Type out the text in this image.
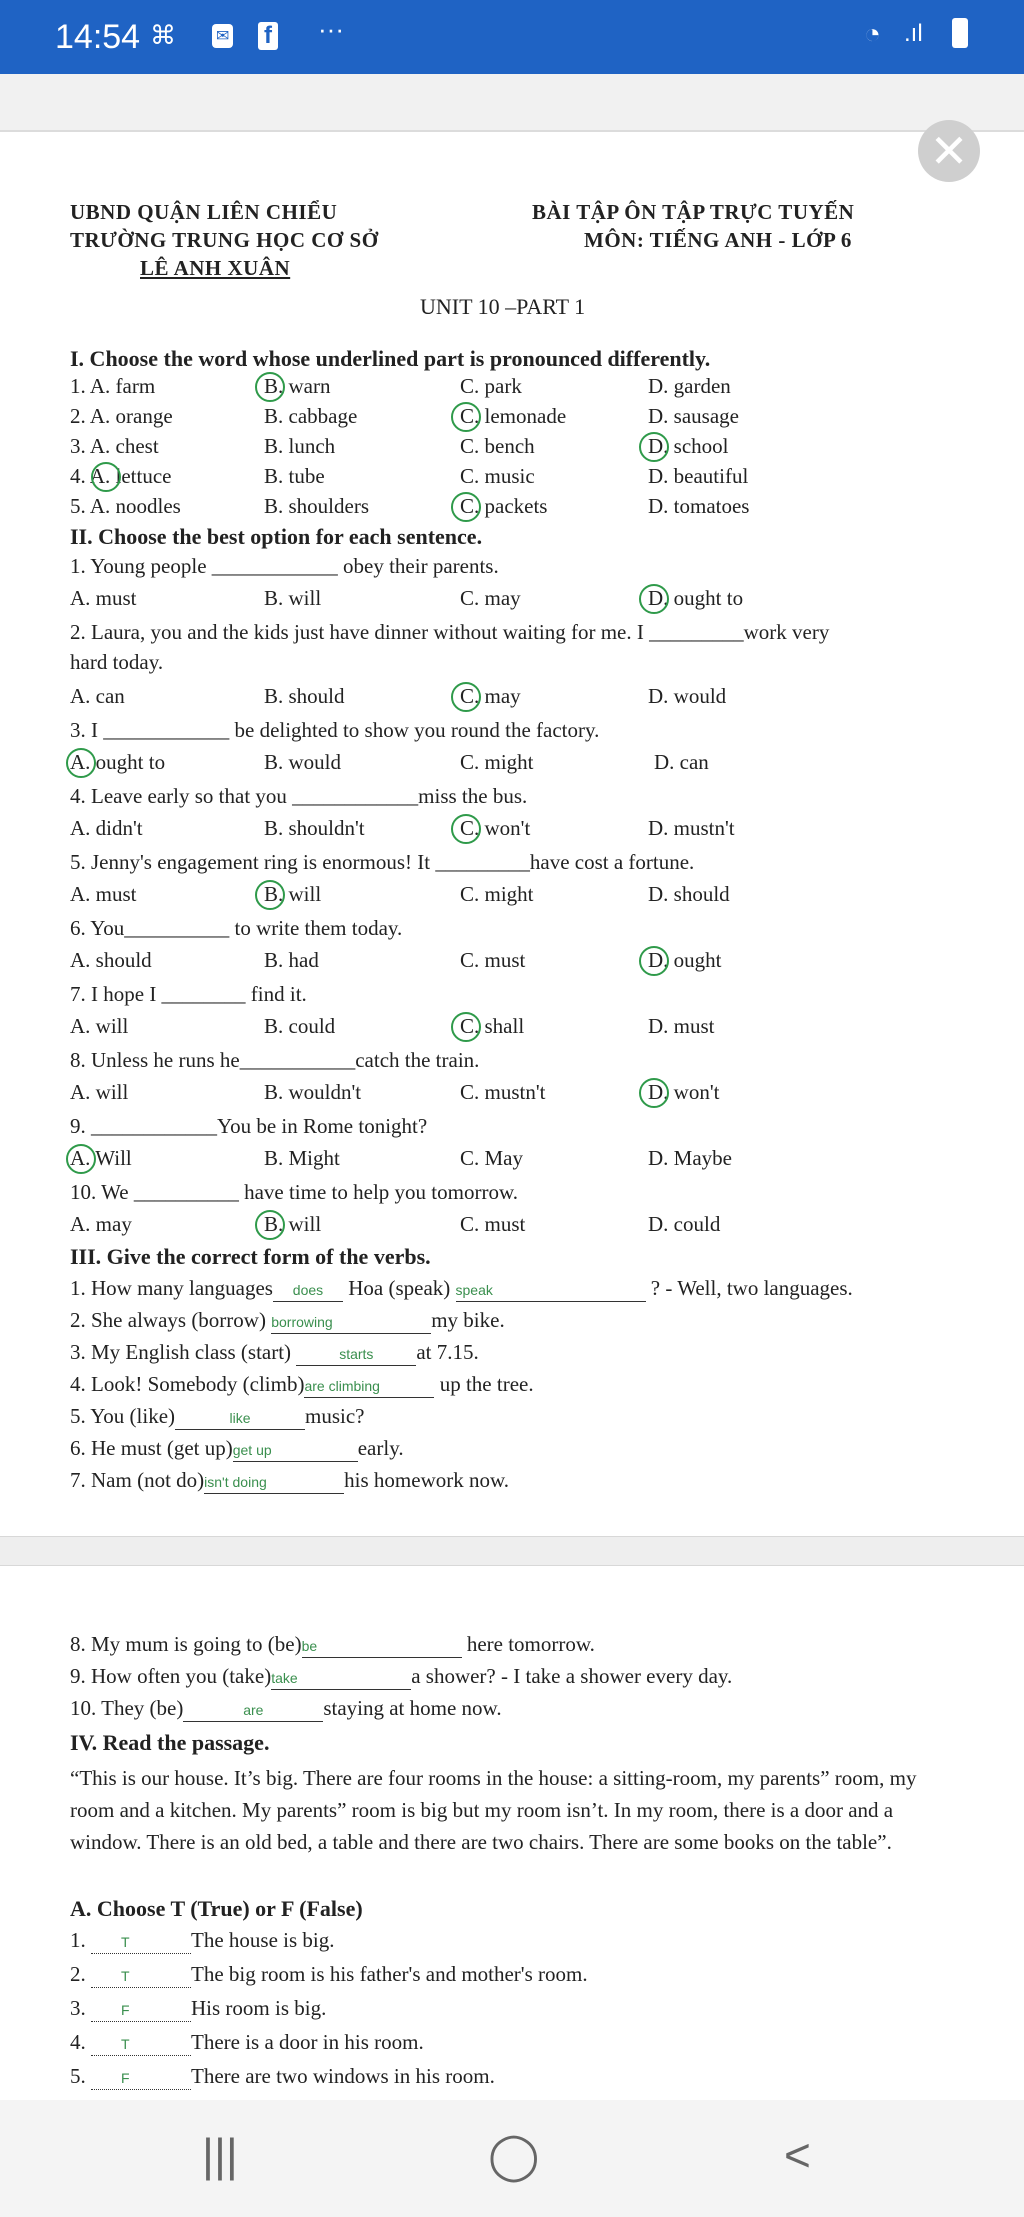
14:54 ⌘	✉ f ···	◔ .ıl
✕
UBND QUẬN LIÊN CHIỂU
TRƯỜNG TRUNG HỌC CƠ SỞ
LÊ ANH XUÂN
BÀI TẬP ÔN TẬP TRỰC TUYẾN
MÔN: TIẾNG ANH - LỚP 6
UNIT 10 –PART 1
I. Choose the word whose underlined part is pronounced differently.
1. A. farm	B. warn	C. park	D. garden
2. A. orange	B. cabbage	C. lemonade	D. sausage
3. A. chest	B. lunch	C. bench	D. school
4. A. lettuce	B. tube	C. music	D. beautiful
5. A. noodles	B. shoulders	C. packets	D. tomatoes
II. Choose the best option for each sentence.
1. Young people ____________ obey their parents.
A. must	B. will	C. may	D. ought to
2. Laura, you and the kids just have dinner without waiting for me. I _________work very
hard today.
A. can	B. should	C. may	D. would
3. I ____________ be delighted to show you round the factory.
A. ought to	B. would	C. might	D. can
4. Leave early so that you ____________miss the bus.
A. didn't	B. shouldn't	C. won't	D. mustn't
5. Jenny's engagement ring is enormous! It _________have cost a fortune.
A. must	B. will	C. might	D. should
6. You__________ to write them today.
A. should	B. had	C. must	D. ought
7. I hope I ________ find it.
A. will	B. could	C. shall	D. must
8. Unless he runs he___________catch the train.
A. will	B. wouldn't	C. mustn't	D. won't
9. ____________You be in Rome tonight?
A. Will	B. Might	C. May	D. Maybe
10. We __________ have time to help you tomorrow.
A. may	B. will	C. must	D. could
III. Give the correct form of the verbs.
1. How many languages does Hoa (speak) speak	? - Well, two languages.
2. She always (borrow) borrowing	my bike.
3. My English class (start)	starts at 7.15.
4. Look! Somebody (climb)are climbing	up the tree.
5. You (like)	like	music?
6. He must (get up)get up	early.
7. Nam (not do)isn't doing	his homework now.
8. My mum is going to (be)be	here tomorrow.
9. How often you (take)take	a shower? - I take a shower every day.
10. They (be)	are	staying at home now.
IV. Read the passage.

“This is our house. It’s big. There are four rooms in the house: a sitting-room, my parents” room, my room and a kitchen. My parents” room is big but my room isn’t. In my room, there is a door and a window. There is an old bed, a table and there are two chairs. There are some books on the table”.

A. Choose T (True) or F (False)
1. T	The house is big.
2. T	The big room is his father's and mother's room.
3. F	His room is big.
4. T	There is a door in his room.
5. F	There are two windows in his room.
|||	◯	<
